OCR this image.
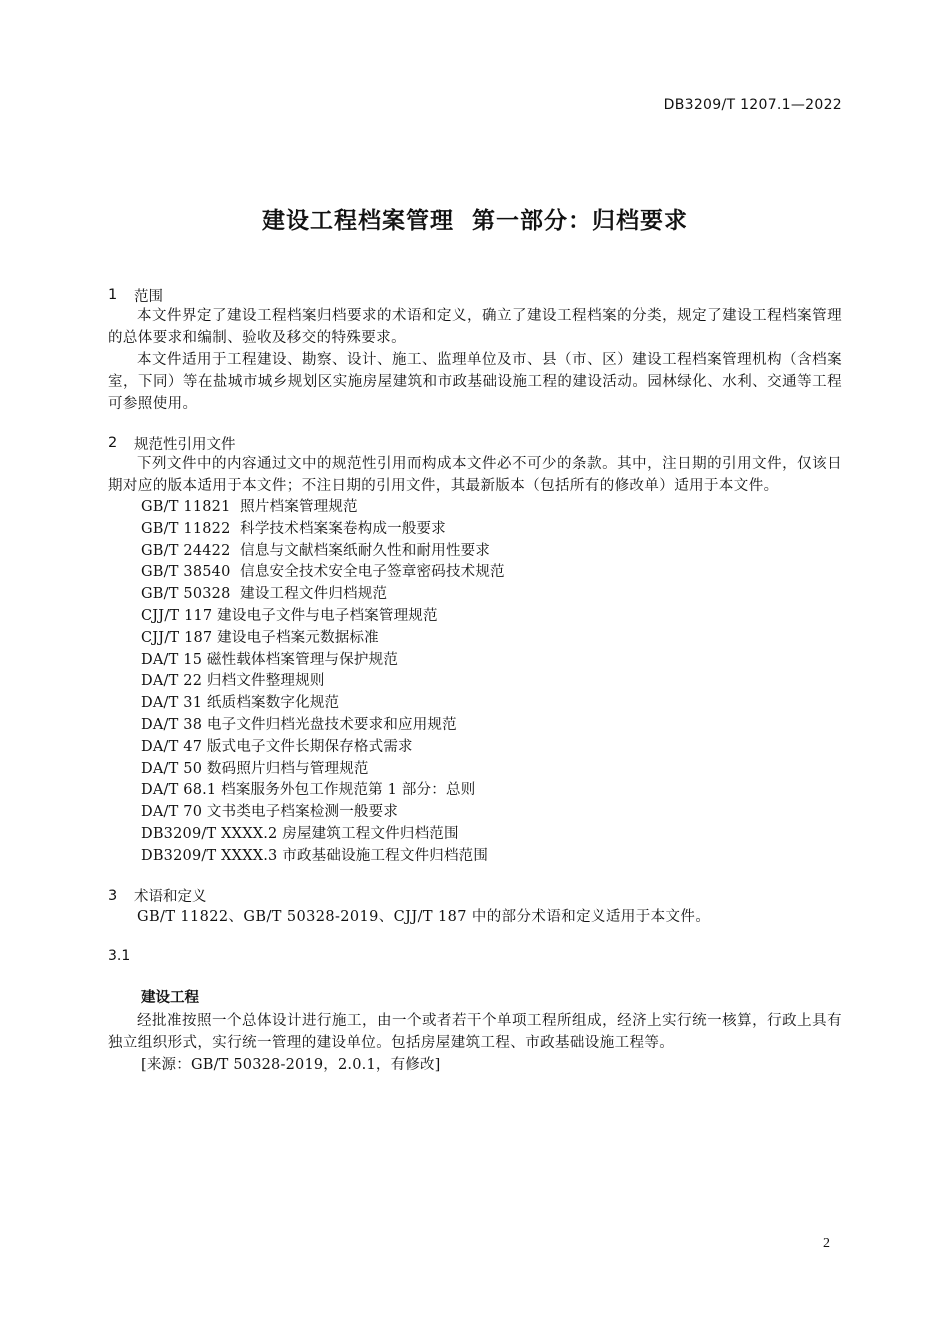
DB3209/T 1207.1—2022
建设工程档案管理  第一部分：归档要求
1	范围

本文件界定了建设工程档案归档要求的术语和定义，确立了建设工程档案的分类，规定了建设工程档案管理的总体要求和编制、验收及移交的特殊要求。

本文件适用于工程建设、勘察、设计、施工、监理单位及市、县（市、区）建设工程档案管理机构（含档案室，下同）等在盐城市城乡规划区实施房屋建筑和市政基础设施工程的建设活动。园林绿化、水利、交通等工程可参照使用。

2	规范性引用文件

下列文件中的内容通过文中的规范性引用而构成本文件必不可少的条款。其中，注日期的引用文件，仅该日期对应的版本适用于本文件；不注日期的引用文件，其最新版本（包括所有的修改单）适用于本文件。

GB/T 11821  照片档案管理规范
GB/T 11822  科学技术档案案卷构成一般要求
GB/T 24422  信息与文献档案纸耐久性和耐用性要求
GB/T 38540  信息安全技术安全电子签章密码技术规范
GB/T 50328  建设工程文件归档规范
CJJ/T 117 建设电子文件与电子档案管理规范
CJJ/T 187 建设电子档案元数据标准
DA/T 15 磁性载体档案管理与保护规范
DA/T 22 归档文件整理规则
DA/T 31 纸质档案数字化规范
DA/T 38 电子文件归档光盘技术要求和应用规范
DA/T 47 版式电子文件长期保存格式需求
DA/T 50 数码照片归档与管理规范
DA/T 68.1 档案服务外包工作规范第 1 部分：总则
DA/T 70 文书类电子档案检测一般要求
DB3209/T XXXX.2 房屋建筑工程文件归档范围
DB3209/T XXXX.3 市政基础设施工程文件归档范围
3	术语和定义

GB/T 11822、GB/T 50328-2019、CJJ/T 187 中的部分术语和定义适用于本文件。

3.1
建设工程

经批准按照一个总体设计进行施工，由一个或者若干个单项工程所组成，经济上实行统一核算，行政上具有独立组织形式，实行统一管理的建设单位。包括房屋建筑工程、市政基础设施工程等。

[来源：GB/T 50328-2019，2.0.1，有修改]

2
